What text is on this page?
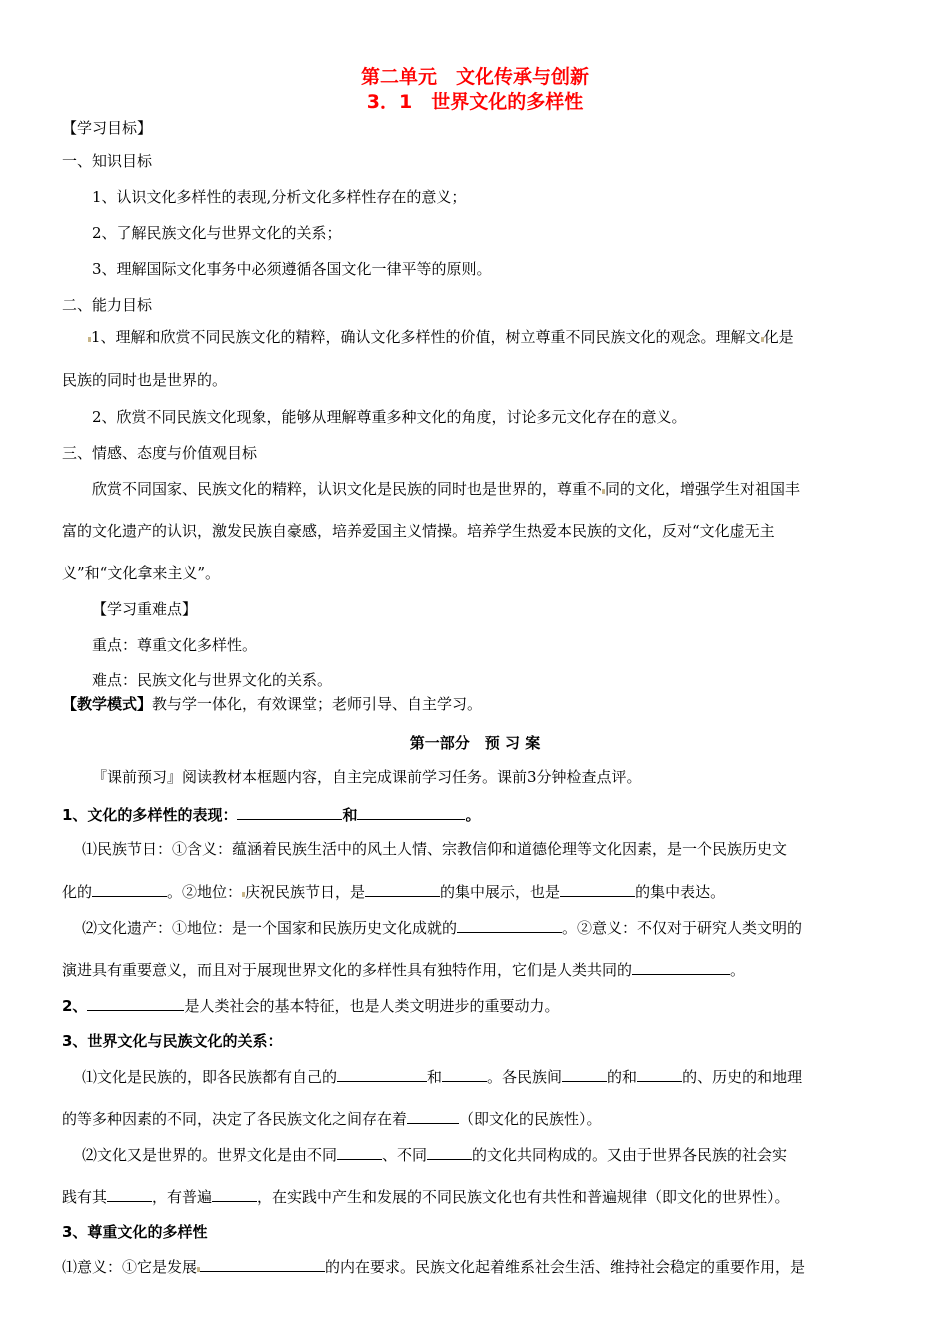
第二单元　文化传承与创新
3．1　世界文化的多样性
【学习目标】
一、知识目标
1、认识文化多样性的表现,分析文化多样性存在的意义；
2、了解民族文化与世界文化的关系；
3、理解国际文化事务中必须遵循各国文化一律平等的原则。
二、能力目标
1、理解和欣赏不同民族文化的精粹，确认文化多样性的价值，树立尊重不同民族文化的观念。理解文 化是
民族的同时也是世界的。
2、欣赏不同民族文化现象，能够从理解尊重多种文化的角度，讨论多元文化存在的意义。
三、情感、态度与价值观目标
欣赏不同国家、民族文化的精粹，认识文化是民族的同时也是世界的，尊重不 同的文化，增强学生对祖国丰
富的文化遗产的认识，激发民族自豪感，培养爱国主义情操。培养学生热爱本民族的文化，反对“文化虚无主
义”和“文化拿来主义”。
【学习重难点】
重点：尊重文化多样性。
难点：民族文化与世界文化的关系。
【教学模式】教与学一体化，有效课堂；老师引导、自主学习。
第一部分　预 习 案
『课前预习』阅读教材本框题内容，自主完成课前学习任务。课前3分钟检查点评。
1、文化的多样性的表现：	和	。
⑴民族节日：①含义：蕴涵着民族生活中的风土人情、宗教信仰和道德伦理等文化因素，是一个民族历史文
化的	。②地位： 庆祝民族节日，是	的集中展示，也是	的集中表达。
⑵文化遗产：①地位：是一个国家和民族历史文化成就的	。②意义：不仅对于研究人类文明的
演进具有重要意义，而且对于展现世界文化的多样性具有独特作用，它们是人类共同的	。
2、	是人类社会的基本特征，也是人类文明进步的重要动力。
3、世界文化与民族文化的关系：
⑴文化是民族的，即各民族都有自己的	和	。各民族间	的和	的、历史的和地理
的等多种因素的不同，决定了各民族文化之间存在着	（即文化的民族性）。
⑵文化又是世界的。世界文化是由不同	、不同	的文化共同构成的。又由于世界各民族的社会实
践有其	，有普遍	，在实践中产生和发展的不同民族文化也有共性和普遍规律（即文化的世界性）。
3、尊重文化的多样性
⑴意义：①它是发展	的内在要求。民族文化起着维系社会生活、维持社会稳定的重要作用，是
